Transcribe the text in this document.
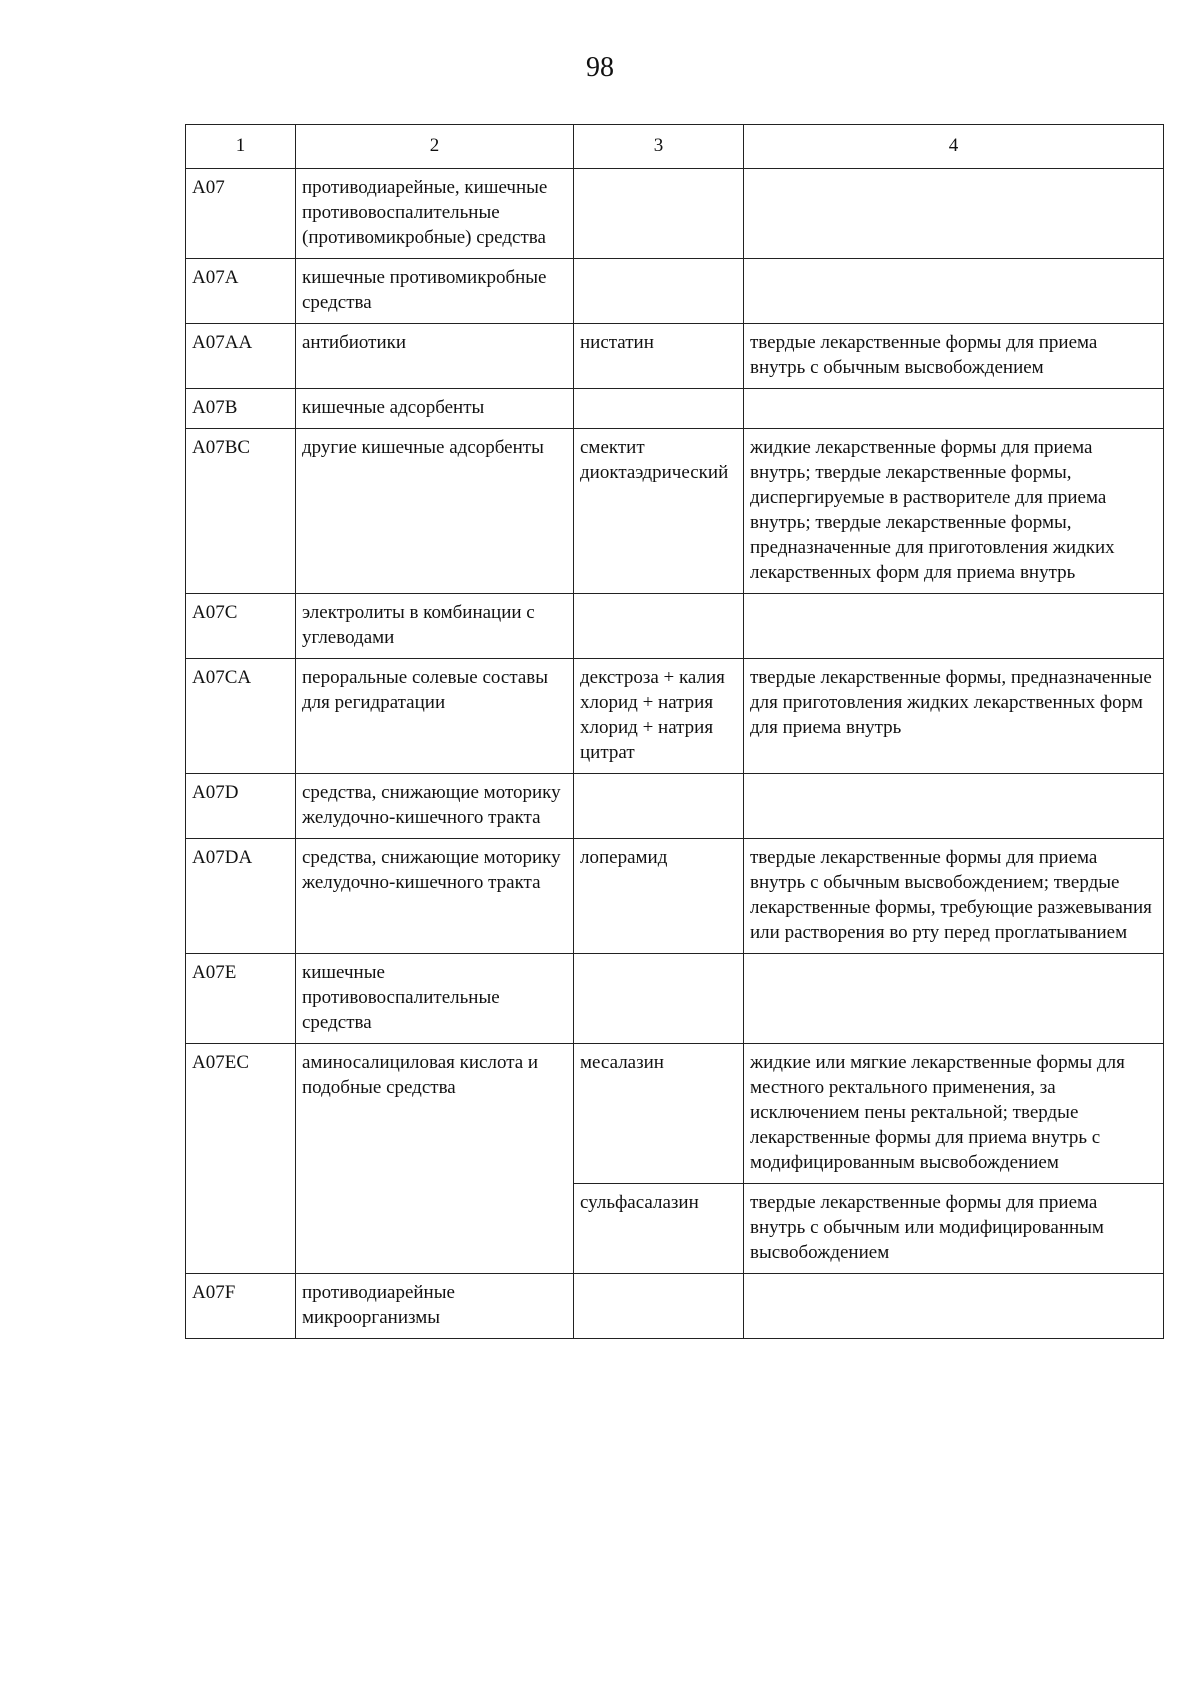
98
1	2	3	4
A07	противодиарейные, кишечные противовоспалительные (противомикробные) средства		
A07A	кишечные противомикробные средства		
A07AA	антибиотики	нистатин	твердые лекарственные формы для приема внутрь с обычным высвобождением
A07B	кишечные адсорбенты		
A07BC	другие кишечные адсорбенты	смектит диоктаэдрический	жидкие лекарственные формы для приема внутрь; твердые лекарственные формы, диспергируемые в растворителе для приема внутрь; твердые лекарственные формы, предназначенные для приготовления жидких лекарственных форм для приема внутрь
A07C	электролиты в комбинации с углеводами		
A07CA	пероральные солевые составы для регидратации	декстроза + калия хлорид + натрия хлорид + натрия цитрат	твердые лекарственные формы, предназначенные для приготовления жидких лекарственных форм для приема внутрь
A07D	средства, снижающие моторику желудочно-кишечного тракта		
A07DA	средства, снижающие моторику желудочно-кишечного тракта	лоперамид	твердые лекарственные формы для приема внутрь с обычным высвобождением; твердые лекарственные формы, требующие разжевывания или растворения во рту перед проглатыванием
A07E	кишечные противовоспалительные средства		
A07EC	аминосалициловая кислота и подобные средства	месалазин	жидкие или мягкие лекарственные формы для местного ректального применения, за исключением пены ректальной; твердые лекарственные формы для приема внутрь с модифицированным высвобождением
		сульфасалазин	твердые лекарственные формы для приема внутрь с обычным или модифицированным высвобождением
A07F	противодиарейные микроорганизмы		
